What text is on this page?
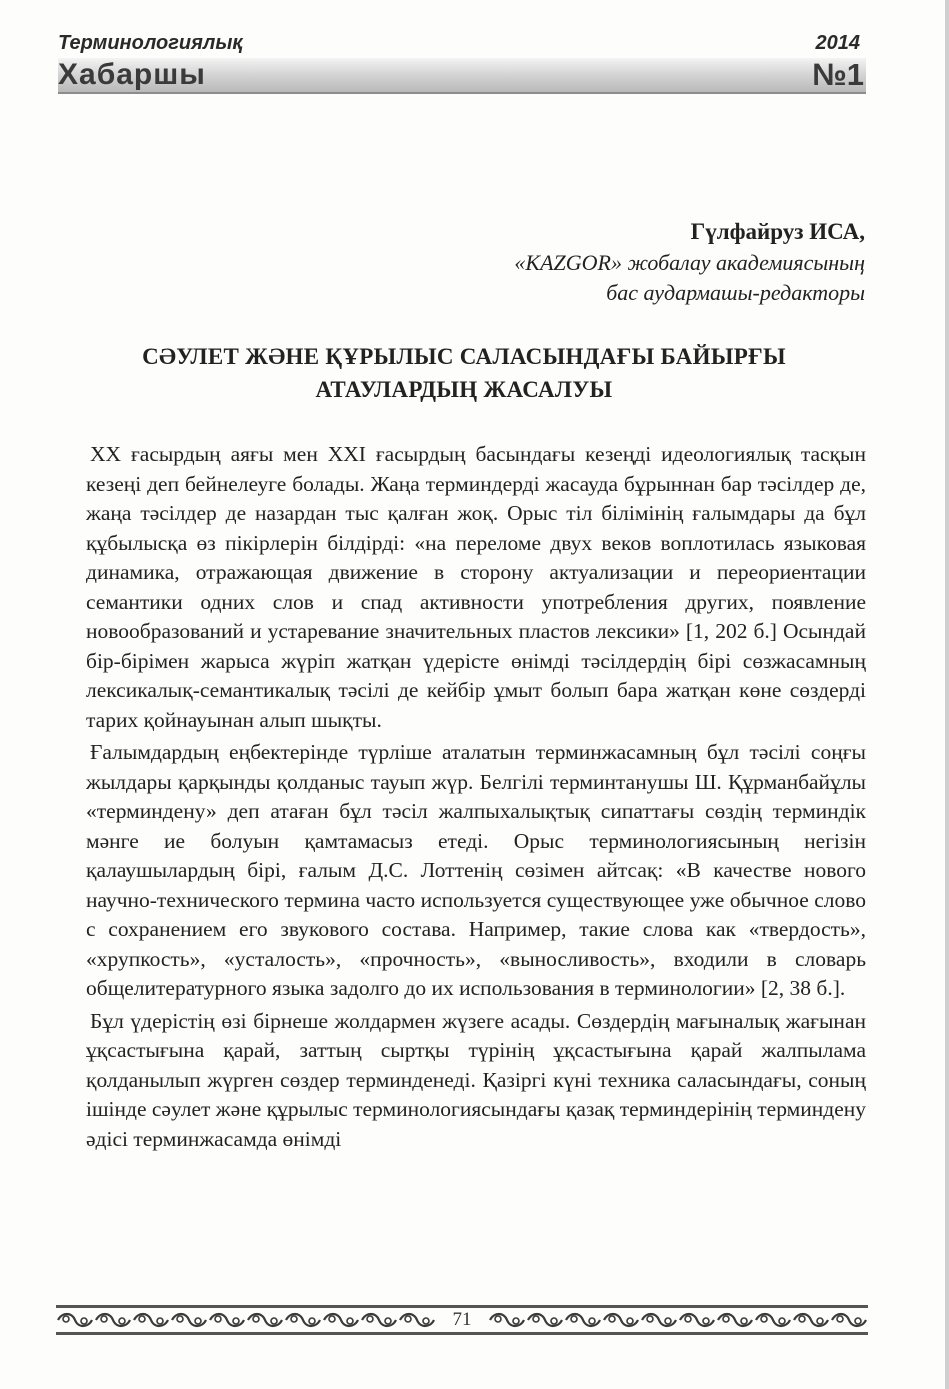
Терминологиялық	2014
Хабаршы	№1
Гүлфайруз ИСА,
«KAZGOR» жобалау академиясының
бас аудармашы-редакторы
СӘУЛЕТ ЖӘНЕ ҚҰРЫЛЫС САЛАСЫНДАҒЫ БАЙЫРҒЫ
АТАУЛАРДЫҢ ЖАСАЛУЫ

XX ғасырдың аяғы мен XXI ғасырдың басындағы кезеңді идеологиялық тасқын кезеңі деп бейнелеуге болады. Жаңа терминдерді жасауда бұрыннан бар тәсілдер де, жаңа тәсілдер де назардан тыс қалған жоқ. Орыс тіл білімінің ғалымдары да бұл құбылысқа өз пікірлерін білдірді: «на переломе двух веков воплотилась языковая динамика, отражающая движение в сторону актуализации и переориентации семантики одних слов и спад активности употребления других, появление новообразований и устаревание значительных пластов лексики» [1, 202 б.] Осындай бір-бірімен жарыса жүріп жатқан үдерісте өнімді тәсілдердің бірі сөзжасамның лексикалық-семантикалық тәсілі де кейбір ұмыт болып бара жатқан көне сөздерді тарих қойнауынан алып шықты.

Ғалымдардың еңбектерінде түрліше аталатын терминжасамның бұл тәсілі соңғы жылдары қарқынды қолданыс тауып жүр. Белгілі терминтанушы Ш. Құрманбайұлы «терминдену» деп атаған бұл тәсіл жалпыхалықтық сипаттағы сөздің терминдік мәнге ие болуын қамтамасыз етеді. Орыс терминологиясының негізін қалаушылардың бірі, ғалым Д.С. Лоттенің сөзімен айтсақ: «В качестве нового научно-технического термина часто используется существующее уже обычное слово с сохранением его звукового состава. Например, такие слова как «твердость», «хрупкость», «усталость», «прочность», «выносливость», входили в словарь общелитературного языка задолго до их использования в терминологии» [2, 38 б.].

Бұл үдерістің өзі бірнеше жолдармен жүзеге асады. Сөздердің мағыналық жағынан ұқсастығына қарай, заттың сыртқы түрінің ұқсастығына қарай жалпылама қолданылып жүрген сөздер терминденеді. Қазіргі күні техника саласындағы, соның ішінде сәулет және құрылыс терминологиясындағы қазақ терминдерінің терминдену әдісі терминжасамда өнімді

71
